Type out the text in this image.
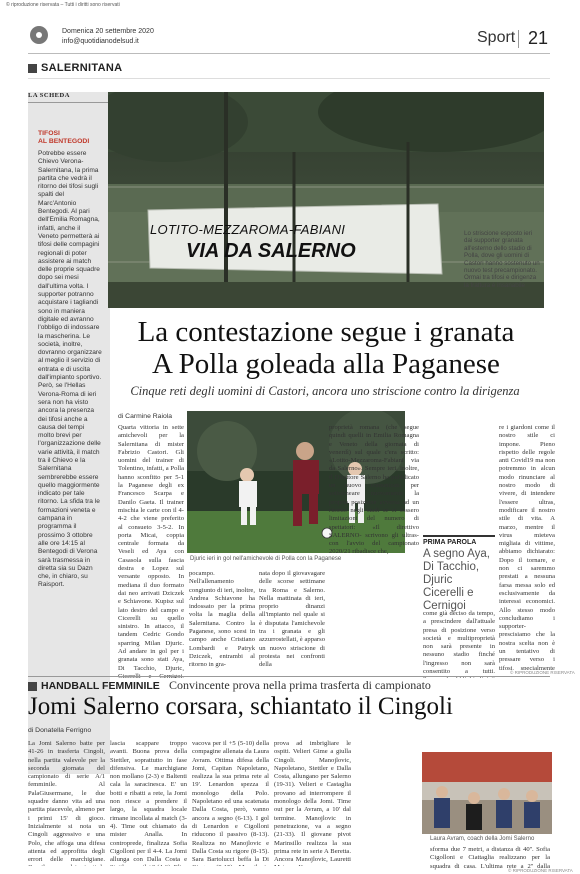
© riproduzione riservata – Tutti i diritti sono riservati
Domenica 20 settembre 2020
info@quotidianodelsud.it	Sport 21
SALERNITANA
LA SCHEDA
TIFOSI
AL BENTEGODI
Potrebbe essere Chievo Verona-Salernitana, la prima partita che vedrà il ritorno dei tifosi sugli spalti del Marc'Antonio Bentegodi. Al pari dell'Emilia Romagna, infatti, anche il Veneto permetterà ai tifosi delle compagini regionali di poter assistere ai match delle proprie squadre dopo sei mesi dall'ultima volta. I supporter potranno acquistare i tagliandi sono in maniera digitale ed avranno l'obbligo di indossare la mascherina. Le società, inoltre, dovranno organizzare al meglio il servizio di entrata e di uscita dall'impianto sportivo. Però, se l'Hellas Verona-Roma di ieri sera non ha visto ancora la presenza dei tifosi anche a causa del tempi molto brevi per l'organizzazione delle varie attività, il match tra il Chievo e la Salernitana sembrerebbe essere quello maggiormente indicato per tale ritorno. La sfida tra le formazioni veneta e campana in programma il prossimo 3 ottobre alle ore 14:15 al Bentegodi di Verona sarà trasmessa in diretta sia su Dazn che, in chiaro, su Raisport.
LOTITO-MEZZAROMA-FABIANI
VIA DA SALERNO
Lo striscione esposto ieri dai supporter granata all'esterno dello stadio di Polla, dove gli uomini di Castori hanno sostenuto un nuovo test precampionato. Ormai tra tifosi e dirigenza la frattura è insanabile
La contestazione segue i granata
A Polla goleada alla Paganese
Cinque reti degli uomini di Castori, ancora uno striscione contro la dirigenza
di Carmine Raiola
Quarta vittoria in sette amichevoli per la Salernitana di mister Fabrizio Castori. Gli uomini del trainer di Tolentino, infatti, a Polla hanno sconfitto per 5-1 la Paganese degli ex Francesco Scarpa e Danilo Gaeta. Il trainer mischia le carte con il 4-4-2 che viene preferito al consueto 3-5-2. In porta Micai, coppia centrale formata da Veseli ed Aya con Casasola sulla fascia destra e Lopez sul versante opposto. In mediana il duo formato dai neo arrivati Dziczek e Schiavone. Kupisz sul lato destro del campo e Cicerelli su quello sinistro. In attacco, il tandem Cedric Gondo sparring Milan Djuric. Ad andare in gol per i granata sono stati Aya, Di Tacchio, Djuric,
Djuric ieri in gol nell'amichevole di Polla con la Paganese
pocampo. Nell'allenamento congiunto di ieri, inoltre, Andrea Schiavone ha indossato per la prima volta la maglia della Salernitana. Contro la Paganese, sono scesi in campo anche Cristiano Lombardi e Patryk Dziczek, entrambi al ritorno in gra-
nata dopo il giovavagare delle scorse settimane tra Roma e Salerno. Nella mattinata di ieri, proprio dinanzi all'impianto nel quale si è disputata l'amichevole tra i granata e gli azzurrostellati, è apparso un nuovo striscione di protesta nei confronti della
proprietà romana (che segue quindi quelli in Emilia Romagna e Veneto della giornata di venerdì) sul quale c'era scritto: «Lotito-Mezzaroma-Fabiani via da Salerno». Sempre ieri, inoltre, il Direttore Salerno ha pubblicato un nuovo comunicato per sottolineare nuovamente la propria posizione avversa ad un ritorno negli stadi se ci fossero limitazioni del numero di spettatori: «Il direttivo SALERNO- scrivono gli ultras- con l'avvio del campionato 2020/21 ribadisce che,
come già deciso da tempo, a prescindere dall'attuale presa di posizione verso società e multiproprietà non sarà presente in nessuno stadio finché l'ingresso non sarà consentito a tutti.
PRIMA PAROLA
A segno Aya, Di Tacchio, Djuric Cicerelli e Cernigoi
re i giardoni come il nostro stile ci impone. Pieno rispetto delle regole anti Covid19 ma non potremmo in alcun modo rinunciare al nostro modo di vivere, di intendere l'essere ultras, modificare il nostro stile di vita. A marzo, mentre il virus mieteva migliaia di vittime, abbiamo dichiarato: Dopo il tornare, e non ci saremmo prestati a nessuna farsa messa solo ed esclusivamente da interessi economici. Allo stesso modo concludiamo i supporter-prescisiamo che la nostra scelta non è un tentativo di pressare verso i tifosi, specialmente
© RIPRODUZIONE RISERVATA
HANDBALL FEMMINILE Convincente prova nella prima trasferta di campionato
Jomi Salerno corsara, schiantato il Cingoli
di Donatella Ferrigno
La Jomi Salerno batte per 41-26 in trasferta Cingoli, nella partita valevole per la seconda giornata del campionato di serie A/1 femminile. Al PalaGiusermane, le due squadre danno vita ad una partita piacevole, almeno per i primi 15' di gioco. Inizialmente si nota un Cingoli aggressivo e una Polo, che affoga una difesa attenta ed approfitta degli errori delle marchigiane.
lascia scappare troppo avanti. Buona prova della Stettler, soprattutto in fase difensiva. Le marchigiane non mollano (2-3) e Baltenti cala la saracinesca. E' un botti e ribatti a rete, la Jomi non riesce a prendere il largo, la squadra locale rimane incollata al match (3-4). Time out chiamato da mister Analla. In controprede, finalizza Sofia Cigolloni per il 4-4. La Jomi allunga con Dalla Costa e
vacova per il +5 (5-10) della compagine allenata da Laura Avram. Ottima difesa della Jomi, Capitan Napoletano, realizza la sua prima rete al 19'. Lenardon spezza il monologo della Polo. Napoletano ed una scatenata Dalla Costa, però, vanno ancora a segno (6-13). I gol di Lenardon e Cigolloni riducono il passivo (8-13). Realizza no Manojlovic e Dalla Costa su rigore (8-15). Sara Bartolucci beffa la Di
prova ad imbrigliare le ospiti. Velieri Gime a giulla Cingoli. Manojlovic, Napoletano, Stettler e Dalla Costa, allungano per Salerno (19-31). Velieri e Castaglia provano ad interrompere il monologo della Jomi. Time out per la Avram, a 10' dal termine. Manojlovic in penetrazione, va a segno (21-33). Il giovane pivot Marinsillo realizza la sua prima rete in serie A Beretta. Ancora Manojlovic, Lauretti
sforma due 7 metri, a distanza di 40''. Sofia Cigolloni e Ciattaglia realizzano per la squadra di casa. L'ultima rete a 2'' dalla
Laura Avram, coach della Jomi Salerno
© RIPRODUZIONE RISERVATA
